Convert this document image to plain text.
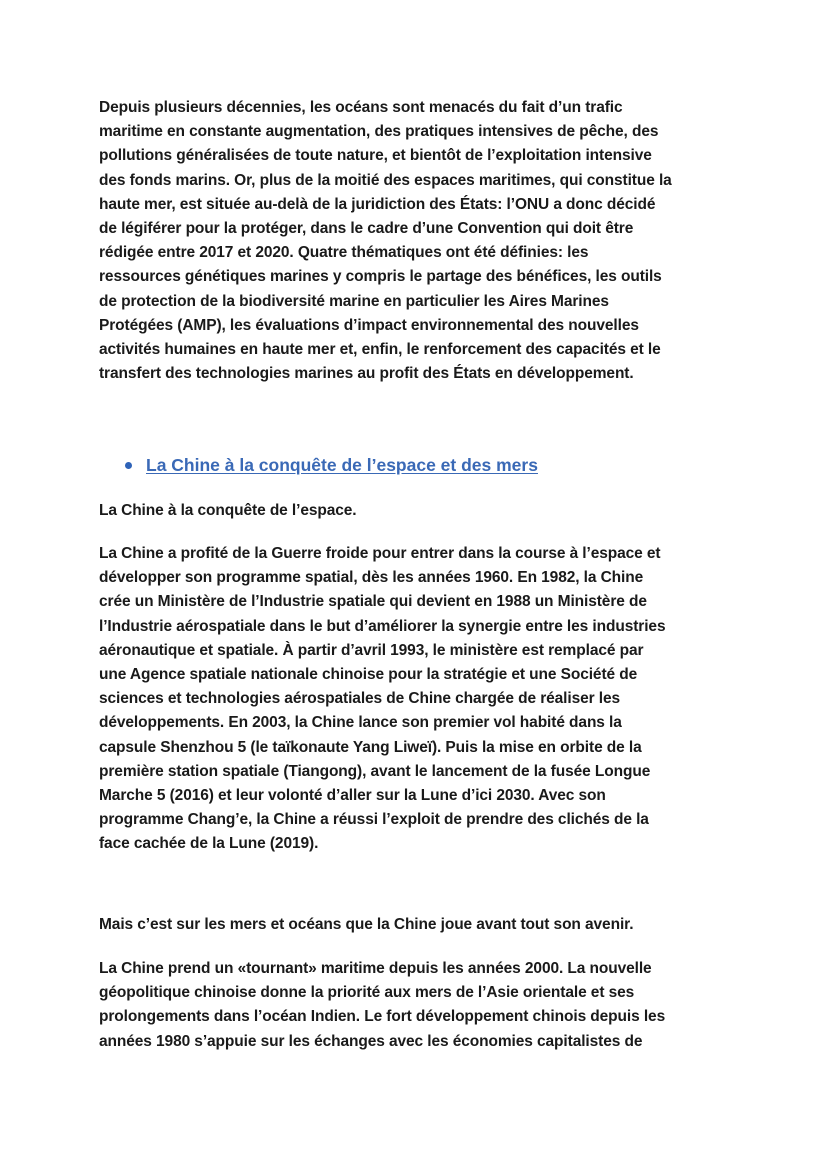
Depuis plusieurs décennies, les océans sont menacés du fait d’un trafic
maritime en constante augmentation, des pratiques intensives de pêche, des
pollutions généralisées de toute nature, et bientôt de l’exploitation intensive
des fonds marins. Or, plus de la moitié des espaces maritimes, qui constitue la
haute mer, est située au-delà de la juridiction des États: l’ONU a donc décidé
de légiférer pour la protéger, dans le cadre d’une Convention qui doit être
rédigée entre 2017 et 2020. Quatre thématiques ont été définies: les
ressources génétiques marines y compris le partage des bénéfices, les outils
de protection de la biodiversité marine en particulier les Aires Marines
Protégées (AMP), les évaluations d’impact environnemental des nouvelles
activités humaines en haute mer et, enfin, le renforcement des capacités et le
transfert des technologies marines au profit des États en développement.

La Chine à la conquête de l’espace et des mers

La Chine à la conquête de l’espace.

La Chine a profité de la Guerre froide pour entrer dans la course à l’espace et
développer son programme spatial, dès les années 1960. En 1982, la Chine
crée un Ministère de l’Industrie spatiale qui devient en 1988 un Ministère de
l’Industrie aérospatiale dans le but d’améliorer la synergie entre les industries
aéronautique et spatiale. À partir d’avril 1993, le ministère est remplacé par
une Agence spatiale nationale chinoise pour la stratégie et une Société de
sciences et technologies aérospatiales de Chine chargée de réaliser les
développements. En 2003, la Chine lance son premier vol habité dans la
capsule Shenzhou 5 (le taïkonaute Yang Liweï). Puis la mise en orbite de la
première station spatiale (Tiangong), avant le lancement de la fusée Longue
Marche 5 (2016) et leur volonté d’aller sur la Lune d’ici 2030. Avec son
programme Chang’e, la Chine a réussi l’exploit de prendre des clichés de la
face cachée de la Lune (2019).

Mais c’est sur les mers et océans que la Chine joue avant tout son avenir.

La Chine prend un «tournant» maritime depuis les années 2000. La nouvelle
géopolitique chinoise donne la priorité aux mers de l’Asie orientale et ses
prolongements dans l’océan Indien. Le fort développement chinois depuis les
années 1980 s’appuie sur les échanges avec les économies capitalistes de
